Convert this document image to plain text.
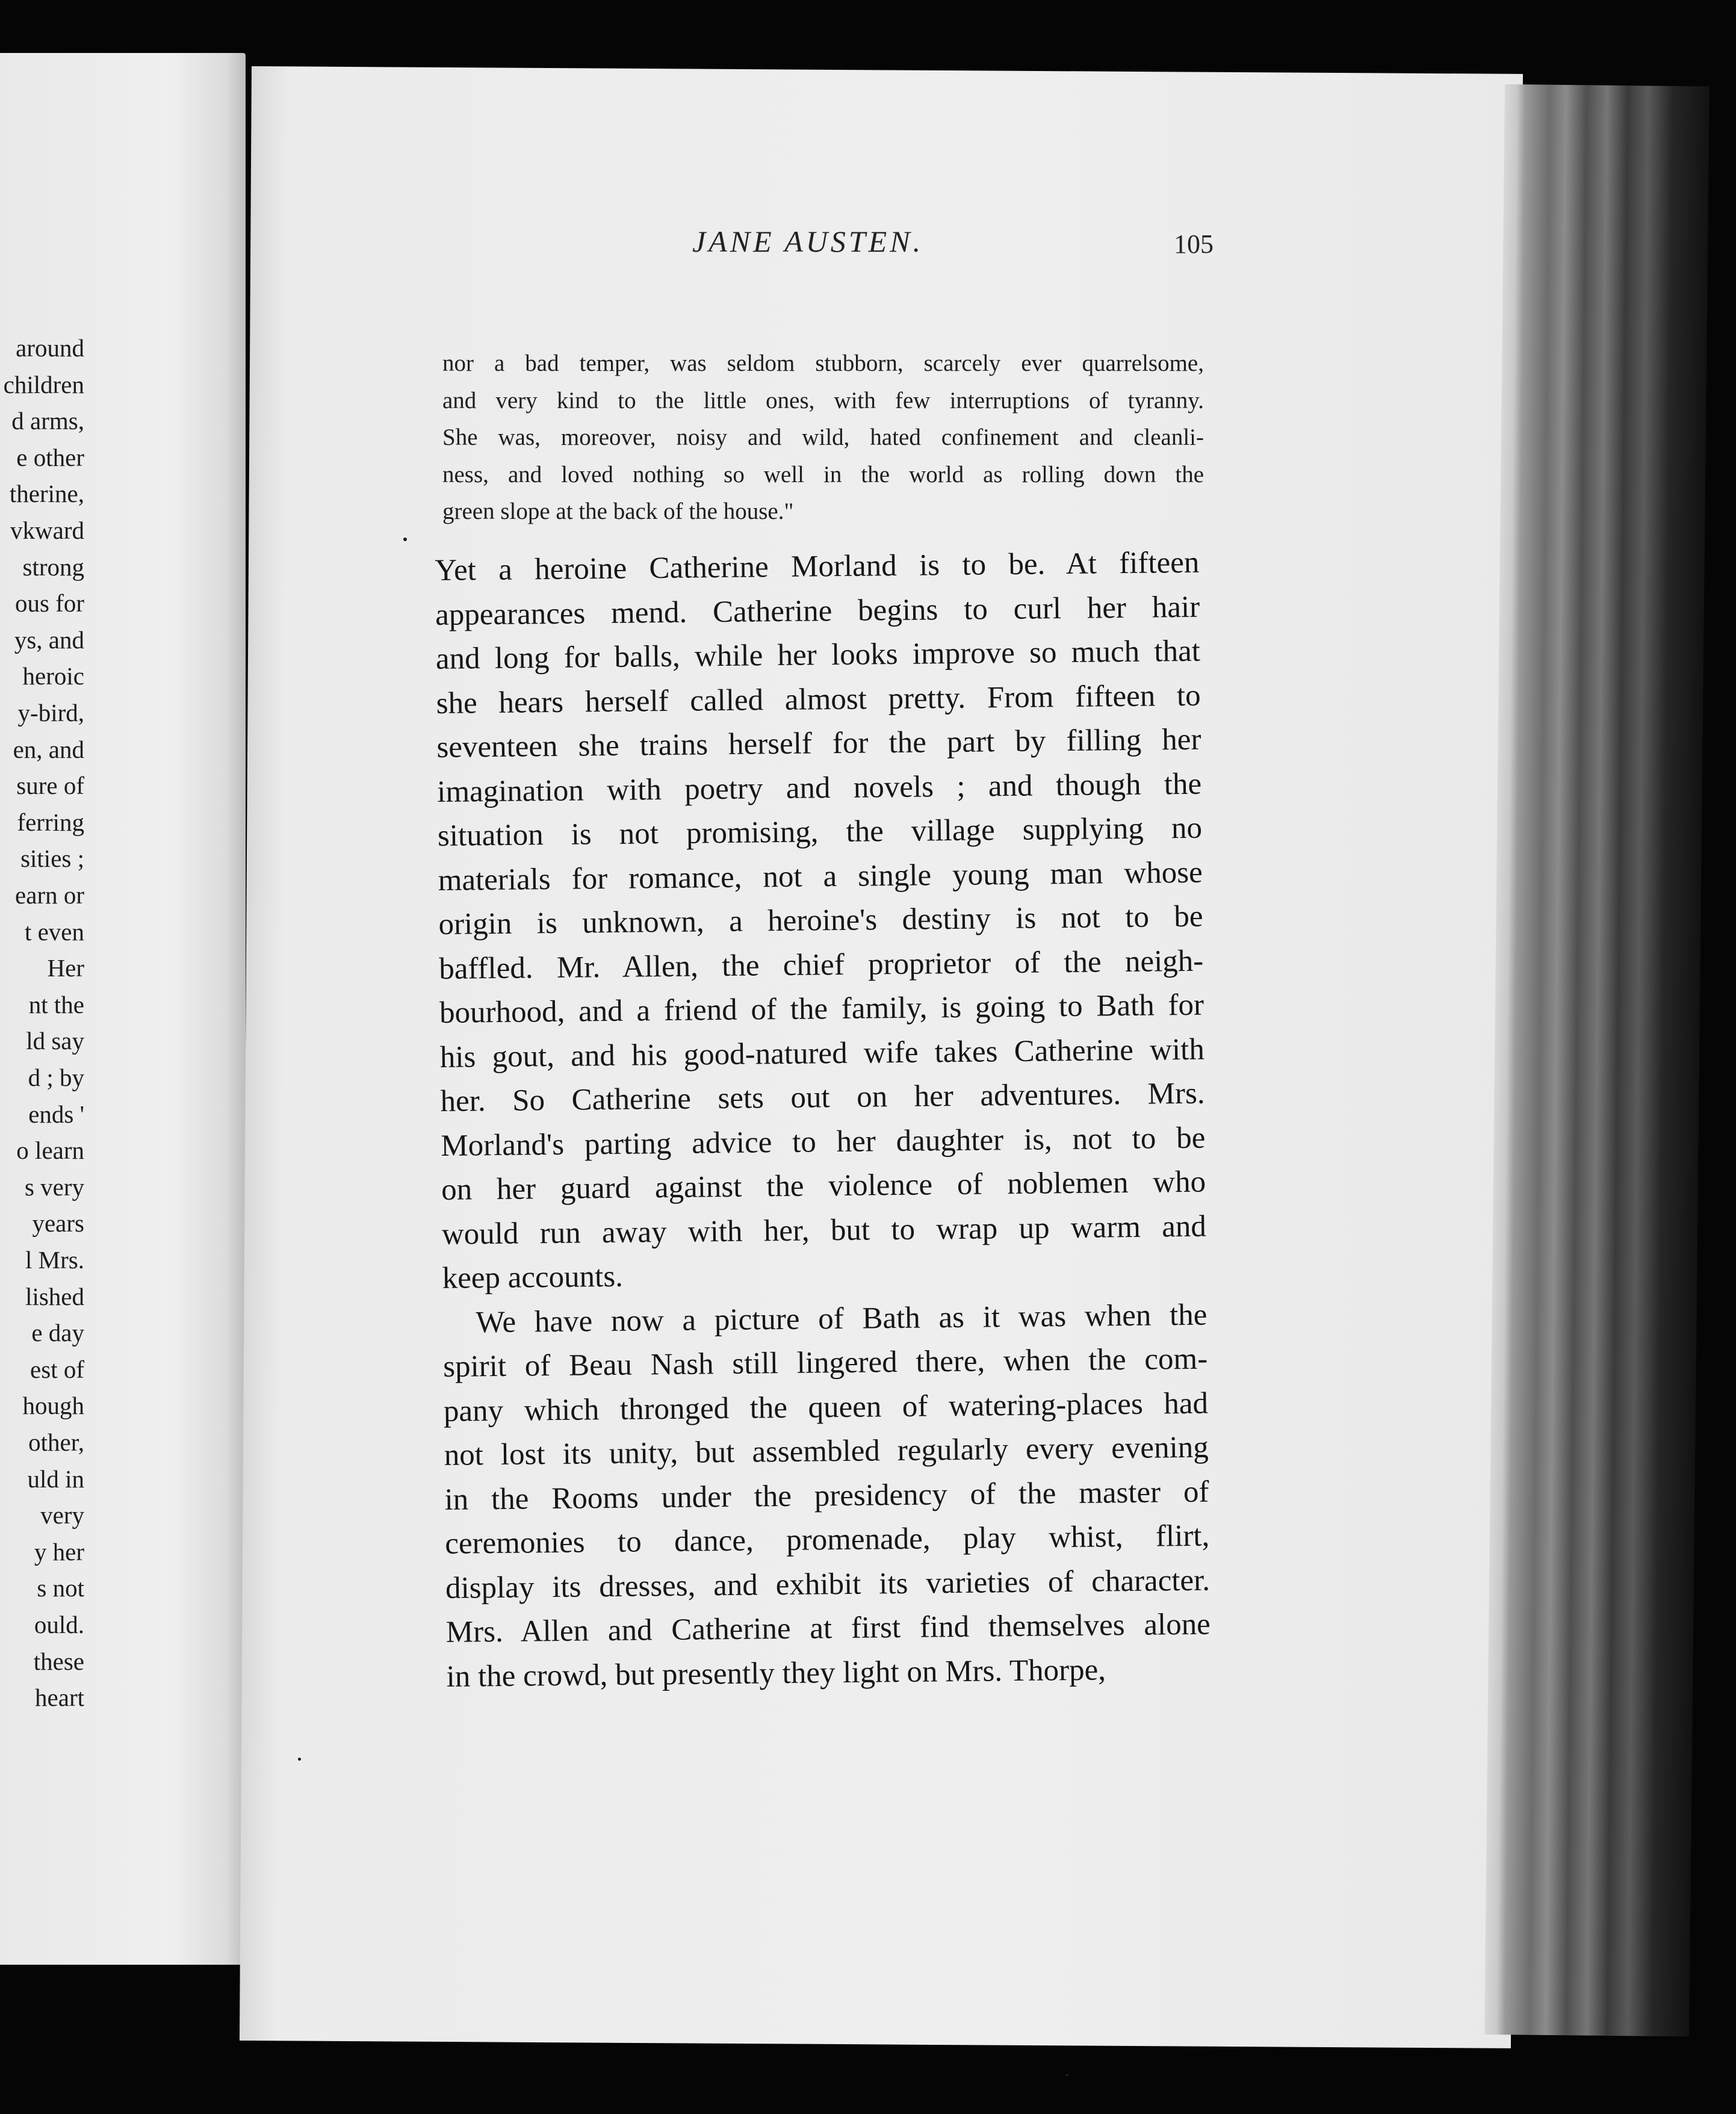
around
children
d arms,
e other
therine,
vkward
strong
ous for
ys, and
heroic
y-bird,
en, and
sure of
ferring
sities ;
earn or
t even
Her
nt the
ld say
d ; by
ends '
o learn
s very
years
l Mrs.
lished
e day
est of
hough
other,
uld in
very
y her
s not
ould.
these
heart
JANE AUSTEN.	105
nor a bad temper, was seldom stubborn, scarcely ever quarrelsome,
and very kind to the little ones, with few interruptions of tyranny.
She was, moreover, noisy and wild, hated confinement and cleanli-
ness, and loved nothing so well in the world as rolling down the
green slope at the back of the house."
Yet a heroine Catherine Morland is to be. At fifteen
appearances mend. Catherine begins to curl her hair
and long for balls, while her looks improve so much that
she hears herself called almost pretty. From fifteen to
seventeen she trains herself for the part by filling her
imagination with poetry and novels ; and though the
situation is not promising, the village supplying no
materials for romance, not a single young man whose
origin is unknown, a heroine's destiny is not to be
baffled. Mr. Allen, the chief proprietor of the neigh-
bourhood, and a friend of the family, is going to Bath for
his gout, and his good-natured wife takes Catherine with
her. So Catherine sets out on her adventures. Mrs.
Morland's parting advice to her daughter is, not to be
on her guard against the violence of noblemen who
would run away with her, but to wrap up warm and
keep accounts.
We have now a picture of Bath as it was when the
spirit of Beau Nash still lingered there, when the com-
pany which thronged the queen of watering-places had
not lost its unity, but assembled regularly every evening
in the Rooms under the presidency of the master of
ceremonies to dance, promenade, play whist, flirt,
display its dresses, and exhibit its varieties of character.
Mrs. Allen and Catherine at first find themselves alone
in the crowd, but presently they light on Mrs. Thorpe,
